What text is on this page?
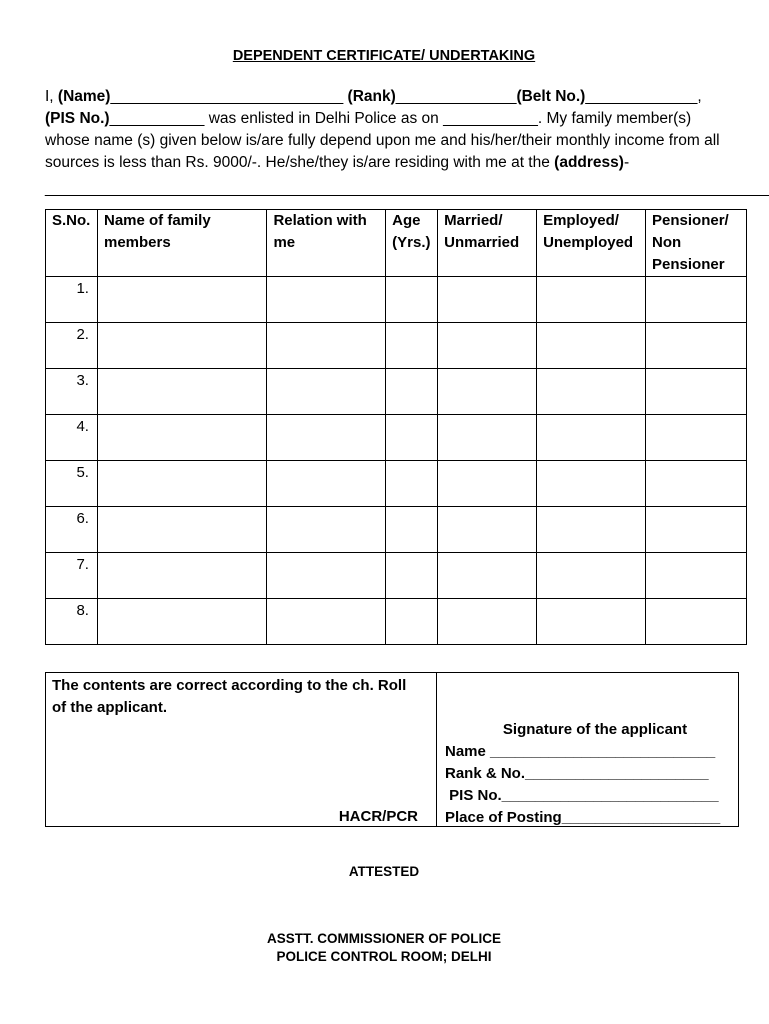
DEPENDENT CERTIFICATE/ UNDERTAKING
I, (Name)___________________________ (Rank)______________(Belt No.)_____________, (PIS No.)___________ was enlisted in Delhi Police as on ___________. My family member(s) whose name (s) given below is/are fully depend upon me and his/her/their monthly income from all sources is less than Rs. 9000/-. He/she/they is/are residing with me at the (address)-
____________________________________________________________________________________
S.No.	Name of family members	Relation with me	Age (Yrs.)	Married/ Unmarried	Employed/ Unemployed	Pensioner/ Non Pensioner
1.						
2.						
3.						
4.						
5.						
6.						
7.						
8.						
The contents are correct according to the ch. Roll of the applicant.
HACR/PCR

Signature of the applicant
Name ___________________________
Rank & No.______________________
PIS No.__________________________
Place of Posting___________________
ATTESTED
ASSTT. COMMISSIONER OF POLICE
POLICE CONTROL ROOM; DELHI
